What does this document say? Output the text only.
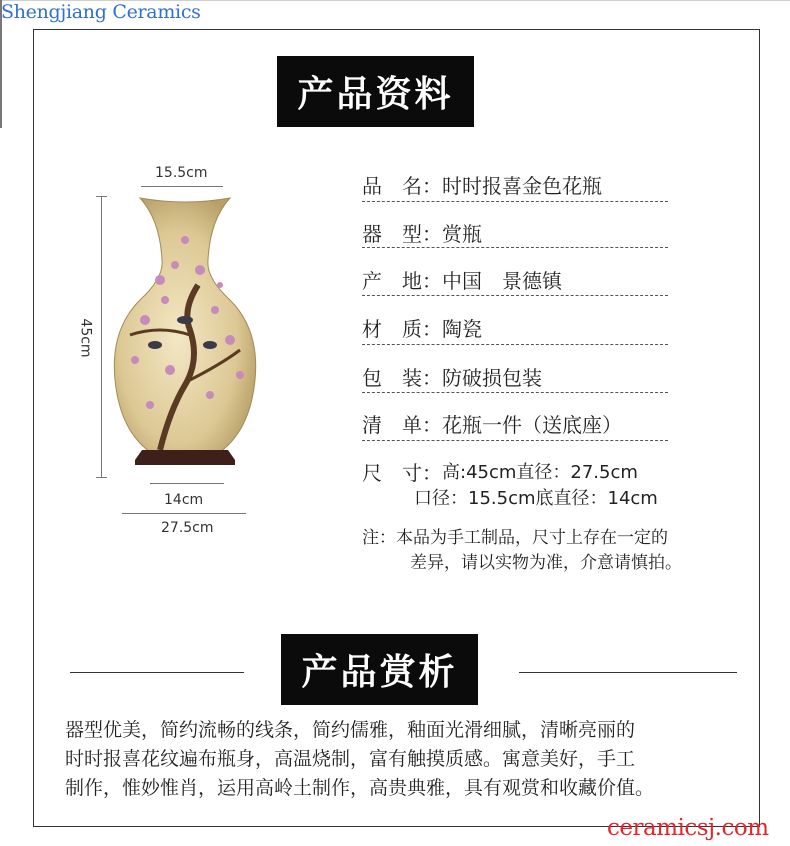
Shengjiang Ceramics
产品资料
15.5cm
45cm
14cm
27.5cm
品　名： 时时报喜金色花瓶
器　型： 赏瓶
产　地： 中国　景德镇
材　质： 陶瓷
包　装： 防破损包装
清　单： 花瓶一件（送底座）
尺　寸： 高:45cm直径：27.5cm
口径：15.5cm底直径：14cm
注：本品为手工制品，尺寸上存在一定的
差异，请以实物为准，介意请慎拍。
产品赏析
器型优美，简约流畅的线条，简约儒雅，釉面光滑细腻，清晰亮丽的
时时报喜花纹遍布瓶身，高温烧制，富有触摸质感。寓意美好，手工
制作，惟妙惟肖，运用高岭土制作，高贵典雅，具有观赏和收藏价值。
ceramicsj.com
